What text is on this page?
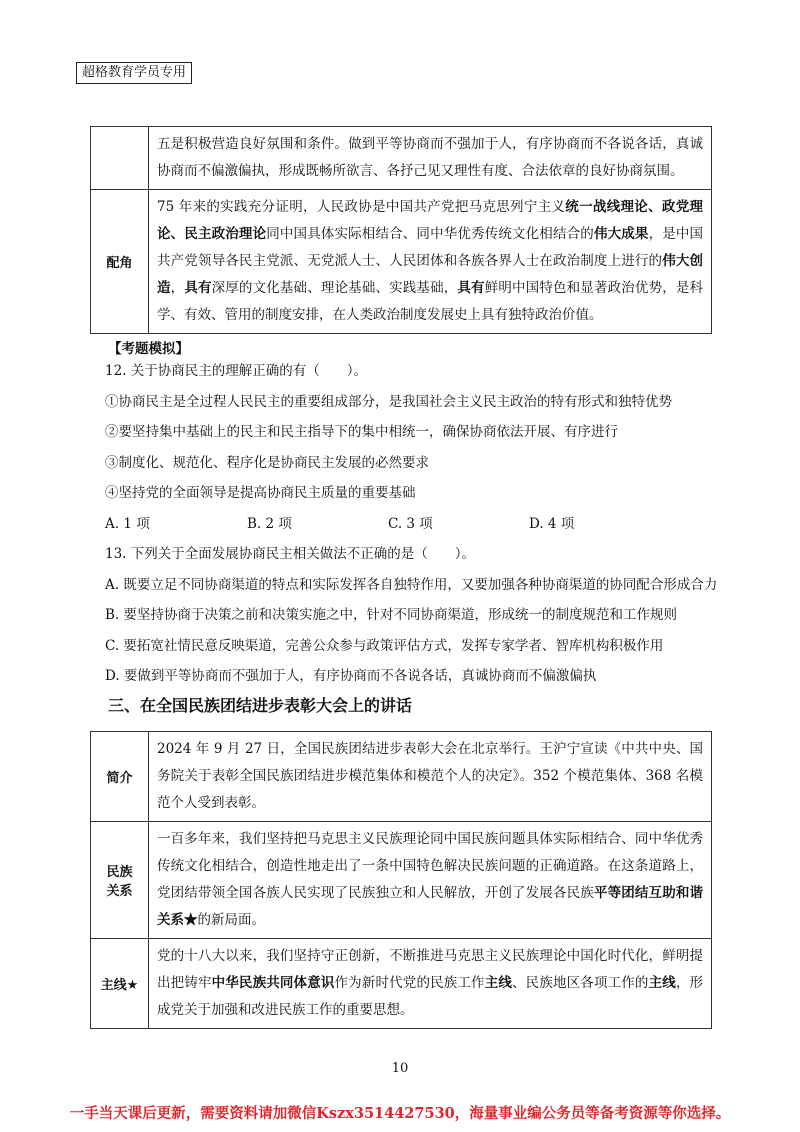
超格教育学员专用
	五是积极营造良好氛围和条件。做到平等协商而不强加于人，有序协商而不各说各话，真诚协商而不偏激偏执，形成既畅所欲言、各抒己见又理性有度、合法依章的良好协商氛围。
配角	75 年来的实践充分证明，人民政协是中国共产党把马克思列宁主义统一战线理论、政党理论、民主政治理论同中国具体实际相结合、同中华优秀传统文化相结合的伟大成果，是中国共产党领导各民主党派、无党派人士、人民团体和各族各界人士在政治制度上进行的伟大创造，具有深厚的文化基础、理论基础、实践基础，具有鲜明中国特色和显著政治优势，是科学、有效、管用的制度安排，在人类政治制度发展史上具有独特政治价值。
【考题模拟】
12. 关于协商民主的理解正确的有（　　）。
①协商民主是全过程人民民主的重要组成部分，是我国社会主义民主政治的特有形式和独特优势
②要坚持集中基础上的民主和民主指导下的集中相统一，确保协商依法开展、有序进行
③制度化、规范化、程序化是协商民主发展的必然要求
④坚持党的全面领导是提高协商民主质量的重要基础
A. 1 项	B. 2 项	C. 3 项	D. 4 项
13. 下列关于全面发展协商民主相关做法不正确的是（　　）。
A. 既要立足不同协商渠道的特点和实际发挥各自独特作用，又要加强各种协商渠道的协同配合形成合力
B. 要坚持协商于决策之前和决策实施之中，针对不同协商渠道，形成统一的制度规范和工作规则
C. 要拓宽社情民意反映渠道，完善公众参与政策评估方式，发挥专家学者、智库机构积极作用
D. 要做到平等协商而不强加于人，有序协商而不各说各话，真诚协商而不偏激偏执
三、在全国民族团结进步表彰大会上的讲话
简介	2024 年 9 月 27 日，全国民族团结进步表彰大会在北京举行。王沪宁宣读《中共中央、国务院关于表彰全国民族团结进步模范集体和模范个人的决定》。352 个模范集体、368 名模范个人受到表彰。
民族
关系	一百多年来，我们坚持把马克思主义民族理论同中国民族问题具体实际相结合、同中华优秀传统文化相结合，创造性地走出了一条中国特色解决民族问题的正确道路。在这条道路上，党团结带领全国各族人民实现了民族独立和人民解放，开创了发展各民族平等团结互助和谐关系★的新局面。
主线★	党的十八大以来，我们坚持守正创新，不断推进马克思主义民族理论中国化时代化，鲜明提出把铸牢中华民族共同体意识作为新时代党的民族工作主线、民族地区各项工作的主线，形成党关于加强和改进民族工作的重要思想。
10
一手当天课后更新，需要资料请加微信Kszx3514427530，海量事业编公务员等备考资源等你选择。
